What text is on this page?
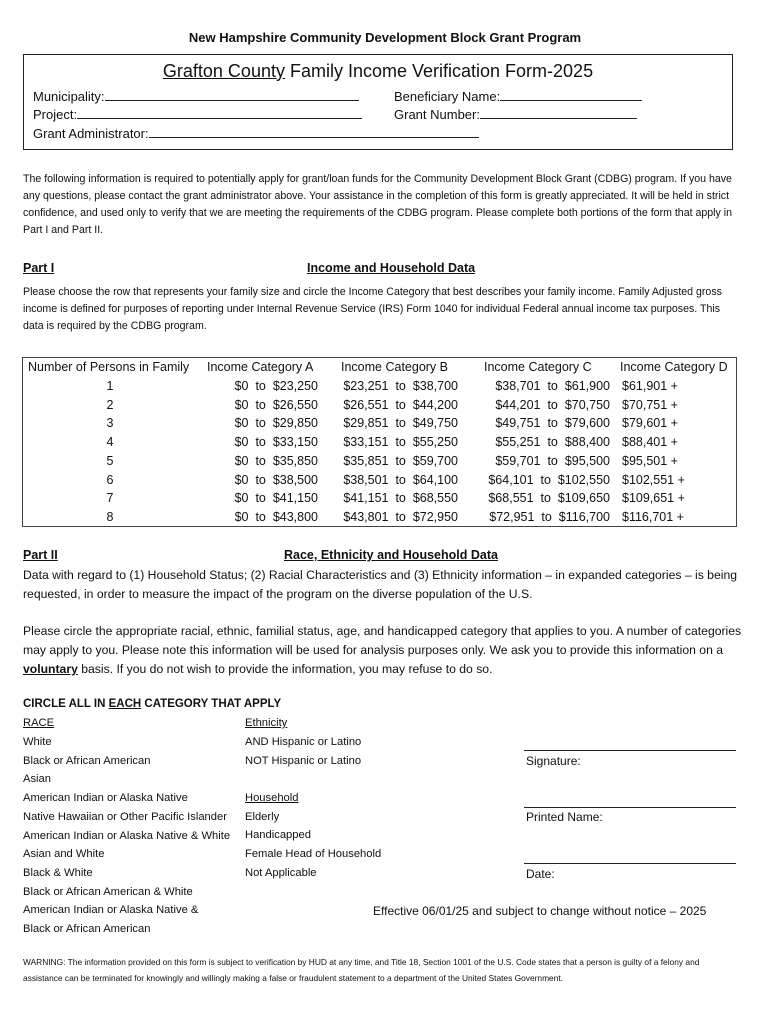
New Hampshire Community Development Block Grant Program
Grafton County Family Income Verification Form-2025
Municipality:
Project:
Grant Administrator:
Beneficiary Name:
Grant Number:
The following information is required to potentially apply for grant/loan funds for the Community Development Block Grant (CDBG) program. If you have any questions, please contact the grant administrator above. Your assistance in the completion of this form is greatly appreciated. It will be held in strict confidence, and used only to verify that we are meeting the requirements of the CDBG program. Please complete both portions of the form that apply in Part I and Part II.
Part I	Income and Household Data
Please choose the row that represents your family size and circle the Income Category that best describes your family income. Family Adjusted gross income is defined for purposes of reporting under Internal Revenue Service (IRS) Form 1040 for individual Federal annual income tax purposes. This data is required by the CDBG program.
Number of Persons in Family Income Category A Income Category B	Income Category C Income Category D
1	$0  to  $23,250	$23,251  to  $38,700	$38,701  to  $61,900 $61,901 +
2	$0  to  $26,550	$26,551  to  $44,200	$44,201  to  $70,750 $70,751 +
3	$0  to  $29,850	$29,851  to  $49,750	$49,751  to  $79,600 $79,601 +
4	$0  to  $33,150	$33,151  to  $55,250	$55,251  to  $88,400 $88,401 +
5	$0  to  $35,850	$35,851  to  $59,700	$59,701  to  $95,500 $95,501 +
6	$0  to  $38,500	$38,501  to  $64,100	$64,101  to  $102,550 $102,551 +
7	$0  to  $41,150	$41,151  to  $68,550	$68,551  to  $109,650 $109,651 +
8	$0  to  $43,800	$43,801  to  $72,950	$72,951  to  $116,700 $116,701 +
Part II	Race, Ethnicity and Household Data
Data with regard to (1) Household Status; (2) Racial Characteristics and (3) Ethnicity information – in expanded categories – is being requested, in order to measure the impact of the program on the diverse population of the U.S.
Please circle the appropriate racial, ethnic, familial status, age, and handicapped category that applies to you. A number of categories may apply to you. Please note this information will be used for analysis purposes only. We ask you to provide this information on a voluntary basis. If you do not wish to provide the information, you may refuse to do so.
CIRCLE ALL IN EACH CATEGORY THAT APPLY
RACE
White
Black or African American
Asian
American Indian or Alaska Native
Native Hawaiian or Other Pacific Islander
American Indian or Alaska Native & White
Asian and White
Black & White
Black or African American & White
American Indian or Alaska Native &
Black or African American
Ethnicity
AND Hispanic or Latino
NOT Hispanic or Latino
Household
Elderly
Handicapped
Female Head of Household
Not Applicable
Signature:
Printed Name:
Date:
Effective 06/01/25 and subject to change without notice – 2025
WARNING: The information provided on this form is subject to verification by HUD at any time, and Title 18, Section 1001 of the U.S. Code states that a person is guilty of a felony and assistance can be terminated for knowingly and willingly making a false or fraudulent statement to a department of the United States Government.
